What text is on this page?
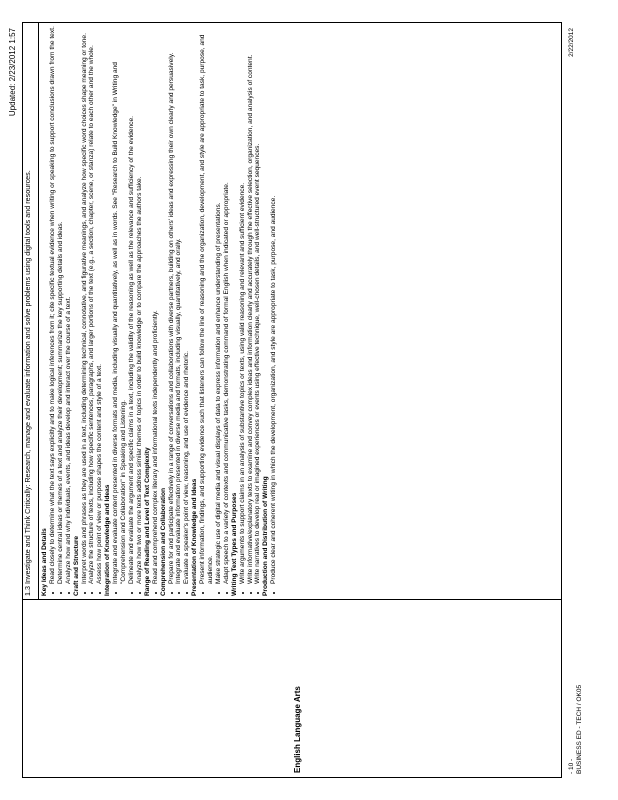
Updated: 2/23/2012 1:57
English Language Arts
1.3 Investigate and Think Critically: Research, manage and evaluate information and solve problems using digital tools and resources.	Key Ideas and Details • Read closely to determine what the text says explicitly and to make logical inferences from it; cite specific textual evidence when writing or speaking to support conclusions drawn from the text. • Determine central ideas or themes of a text and analyze their development; summarize the key supporting details and ideas. • Analyze how and why individuals, events, and ideas develop and interact over the course of a text. Craft and Structure • Interpret words and phrases as they are used in a text, including determining technical, connotative, and figurative meanings, and analyze how specific word choices shape meaning or tone. • Analyze the structure of texts, including how specific sentences, paragraphs, and larger portions of the text (e.g., a section, chapter, scene, or stanza) relate to each other and the whole. • Assess how point of view or purpose shapes the content and style of a text. Integration of Knowledge and Ideas • Integrate and evaluate content presented in diverse formats and media, including visually and quantitatively, as well as in words. See "Research to Build Knowledge" in Writing and "Comprehension and Collaboration" in Speaking and Listening. • Delineate and evaluate the argument and specific claims in a text, including the validity of the reasoning as well as the relevance and sufficiency of the evidence. • Analyze how two or more texts address similar themes or topics in order to build knowledge or to compare the approaches the authors take. Range of Reading and Level of Text Complexity • Read and comprehend complex literary and informational texts independently and proficiently. Comprehension and Collaboration • Prepare for and participate effectively in a range of conversations and collaborations with diverse partners, building on others' ideas and expressing their own clearly and persuasively. • Integrate and evaluate information presented in diverse media and formats, including visually, quantitatively, and orally. • Evaluate a speaker's point of view, reasoning, and use of evidence and rhetoric. Presentation of Knowledge and Ideas • Present information, findings, and supporting evidence such that listeners can follow the line of reasoning and the organization, development, and style are appropriate to task, purpose, and audience. • Make strategic use of digital media and visual displays of data to express information and enhance understanding of presentations. • Adapt speech to a variety of contexts and communicative tasks, demonstrating command of formal English when indicated or appropriate. Writing Text Types and Purposes • Write arguments to support claims in an analysis of substantive topics or texts, using valid reasoning and relevant and sufficient evidence. • Write informative/explanatory texts to examine and convey complex ideas and information clearly and accurately through the effective selection, organization, and analysis of content. • Write narratives to develop real or imagined experiences or events using effective technique, well-chosen details, and well-structured event sequences. Production and Distribution of Writing • Produce clear and coherent writing in which the development, organization, and style are appropriate to task, purpose, and audience.
- 10 - BUSINESS ED - TECH / OK05
2/22/2012
